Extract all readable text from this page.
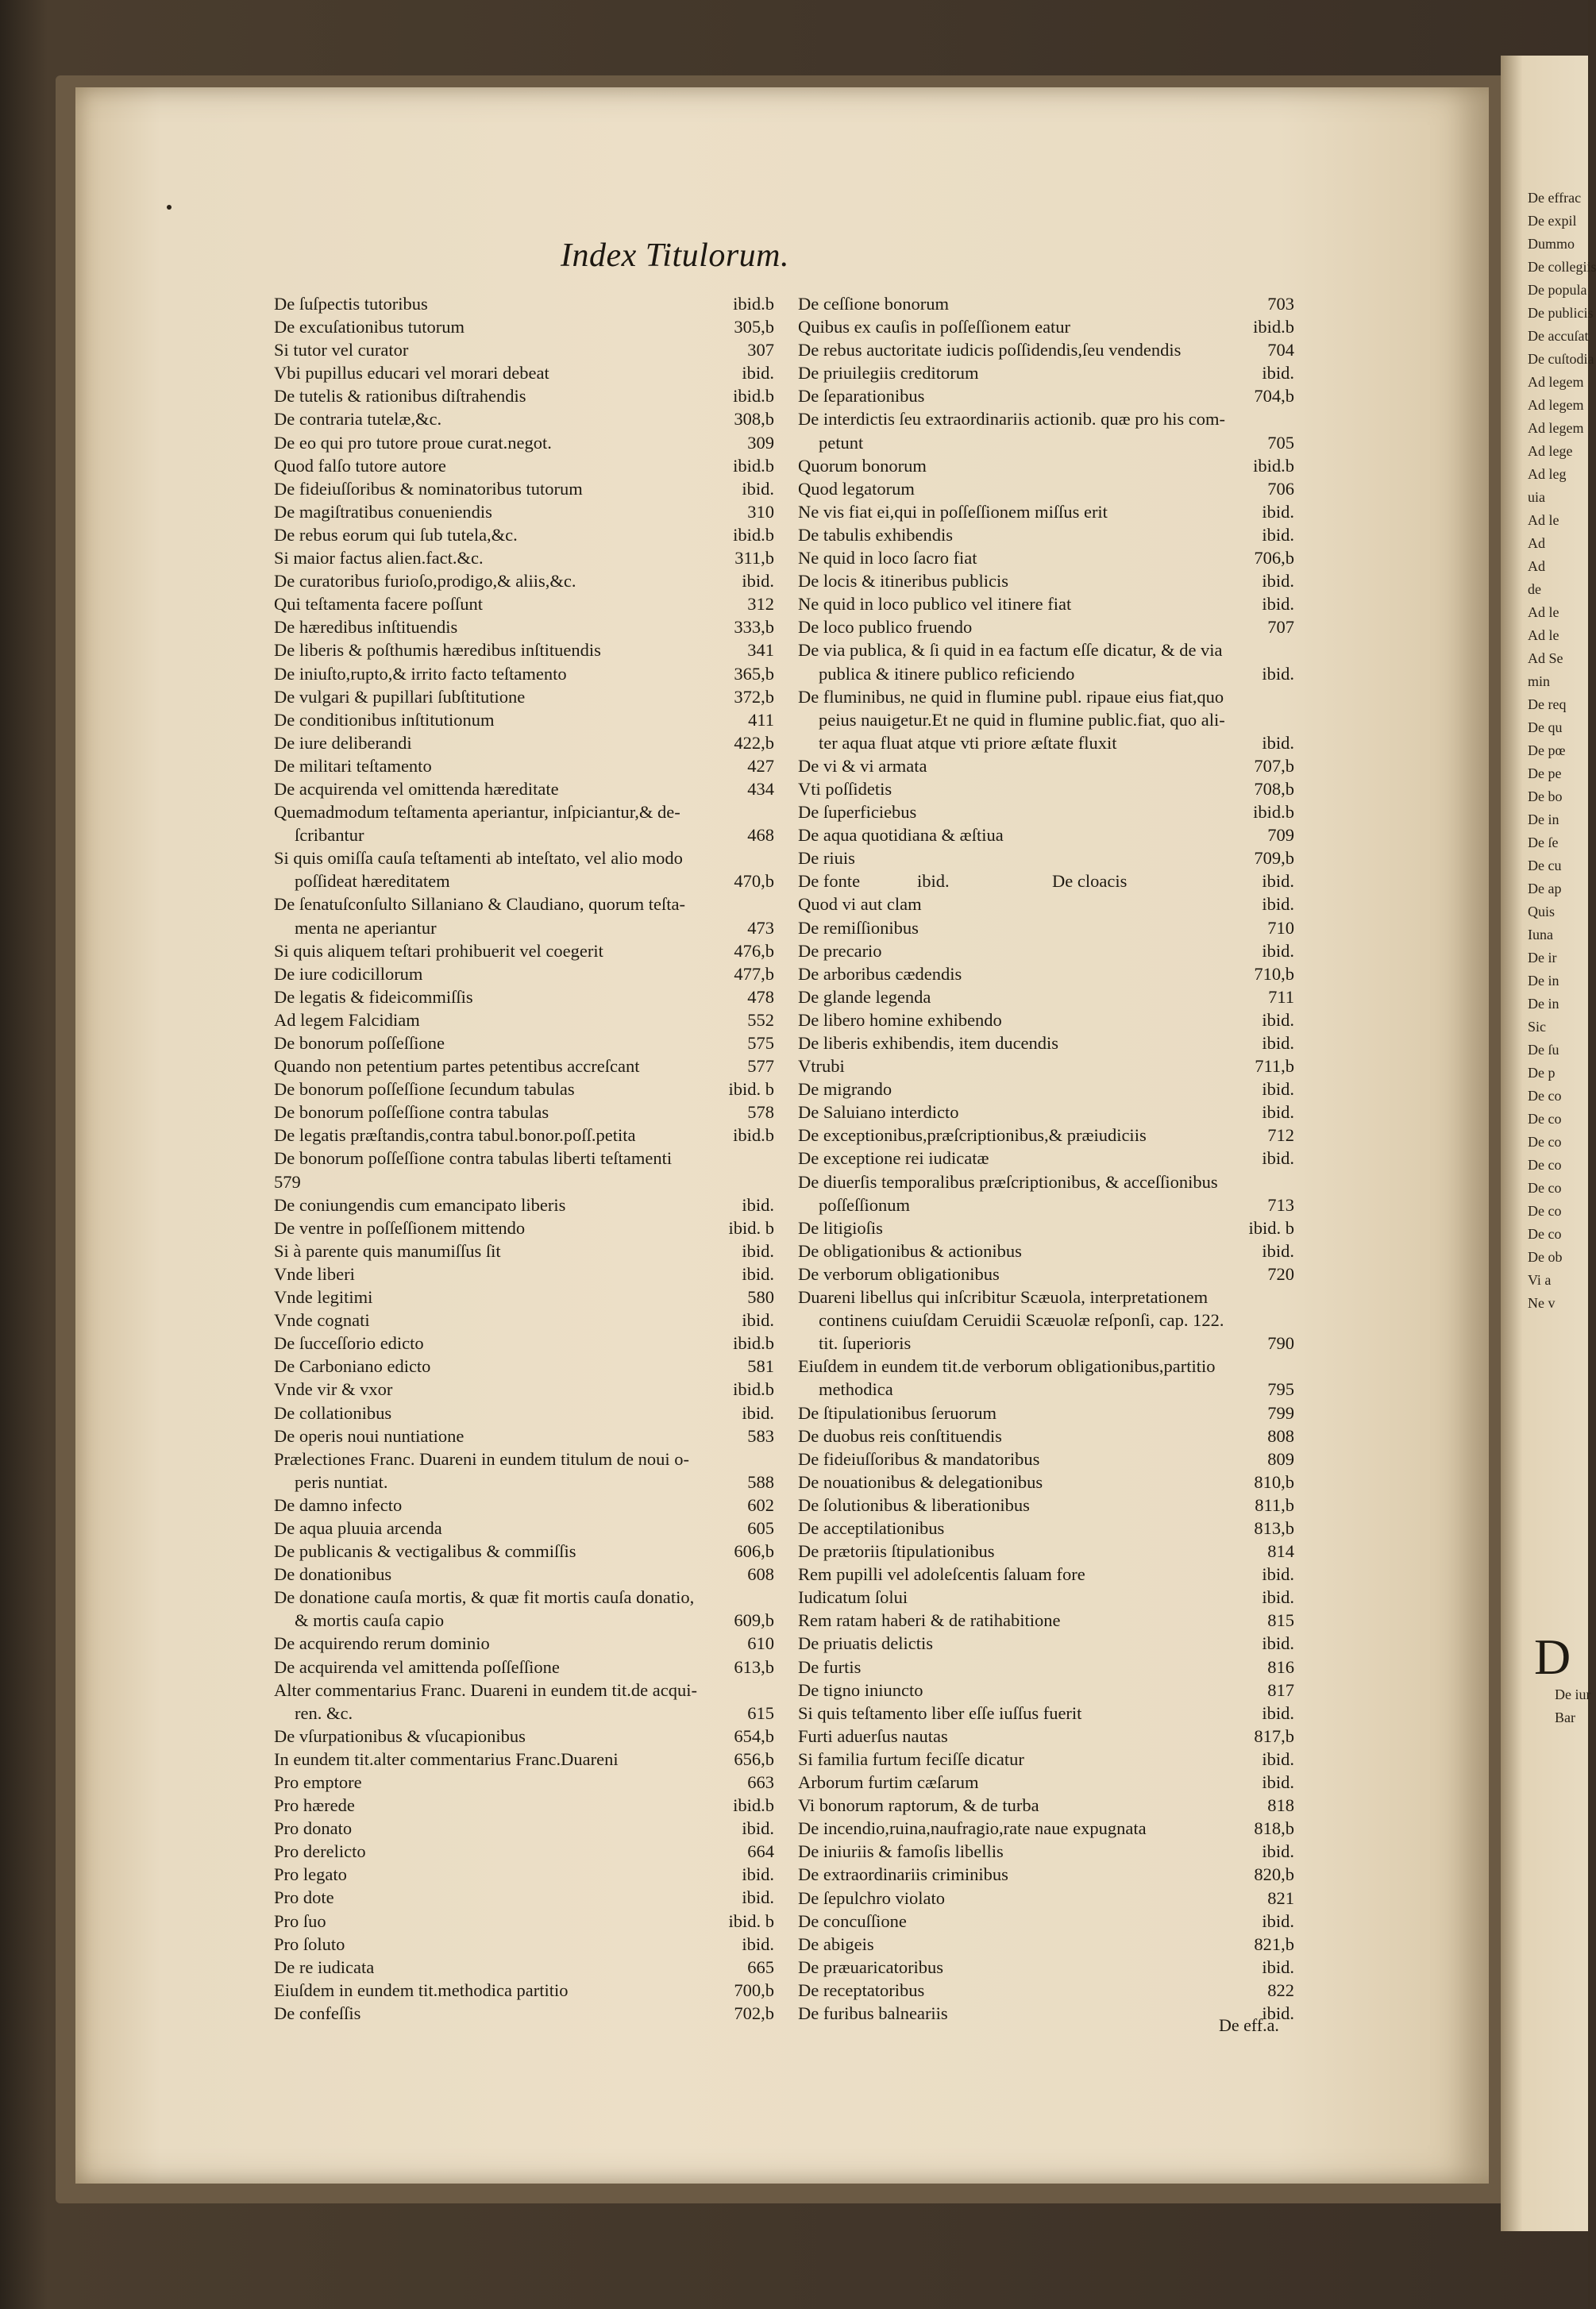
De effrac
De expil
Dummo
De collegiis
De popula
De publicis
De accuſat
De cuſtodia
Ad legem
Ad legem
Ad legem
Ad lege
Ad leg
uia
Ad le
Ad
Ad
de
Ad le
Ad le
Ad Se
min
De req
De qu
De pœ
De pe
De bo
De in
De ſe
De cu
De ap
Quis
Iuna
De ir
De in
De in
Sic
De ſu
De p
De co
De co
De co
De co
De co
De co
De co
De ob
Vi a
Ne v
D
De iur
Bar
Index Titulorum.
De ſuſpectis tutoribus	ibid.b
De excuſationibus tutorum	305,b
Si tutor vel curator	307
Vbi pupillus educari vel morari debeat	ibid.
De tutelis & rationibus diſtrahendis	ibid.b
De contraria tutelæ,&c.	308,b
De eo qui pro tutore proue curat.negot.	309
Quod falſo tutore autore	ibid.b
De fideiuſſoribus & nominatoribus tutorum	ibid.
De magiſtratibus conueniendis	310
De rebus eorum qui ſub tutela,&c.	ibid.b
Si maior factus alien.fact.&c.	311,b
De curatoribus furioſo,prodigo,& aliis,&c.	ibid.
Qui teſtamenta facere poſſunt	312
De hæredibus inſtituendis	333,b
De liberis & poſthumis hæredibus inſtituendis	341
De iniuſto,rupto,& irrito facto teſtamento	365,b
De vulgari & pupillari ſubſtitutione	372,b
De conditionibus inſtitutionum	411
De iure deliberandi	422,b
De militari teſtamento	427
De acquirenda vel omittenda hæreditate	434
Quemadmodum teſtamenta aperiantur, inſpiciantur,& de-
ſcribantur	468
Si quis omiſſa cauſa teſtamenti ab inteſtato, vel alio modo
poſſideat hæreditatem	470,b
De ſenatuſconſulto Sillaniano & Claudiano, quorum teſta-
menta ne aperiantur	473
Si quis aliquem teſtari prohibuerit vel coegerit	476,b
De iure codicillorum	477,b
De legatis & fideicommiſſis	478
Ad legem Falcidiam	552
De bonorum poſſeſſione	575
Quando non petentium partes petentibus accreſcant	577
De bonorum poſſeſſione ſecundum tabulas	ibid. b
De bonorum poſſeſſione contra tabulas	578
De legatis præſtandis,contra tabul.bonor.poſſ.petita	ibid.b
De bonorum poſſeſſione contra tabulas liberti teſtamenti
579
De coniungendis cum emancipato liberis	ibid.
De ventre in poſſeſſionem mittendo	ibid. b
Si à parente quis manumiſſus ſit	ibid.
Vnde liberi	ibid.
Vnde legitimi	580
Vnde cognati	ibid.
De ſucceſſorio edicto	ibid.b
De Carboniano edicto	581
Vnde vir & vxor	ibid.b
De collationibus	ibid.
De operis noui nuntiatione	583
Prælectiones Franc. Duareni in eundem titulum de noui o-
peris nuntiat.	588
De damno infecto	602
De aqua pluuia arcenda	605
De publicanis & vectigalibus & commiſſis	606,b
De donationibus	608
De donatione cauſa mortis, & quæ fit mortis cauſa donatio,
& mortis cauſa capio	609,b
De acquirendo rerum dominio	610
De acquirenda vel amittenda poſſeſſione	613,b
Alter commentarius Franc. Duareni in eundem tit.de acqui-
ren. &c.	615
De vſurpationibus & vſucapionibus	654,b
In eundem tit.alter commentarius Franc.Duareni	656,b
Pro emptore	663
Pro hærede	ibid.b
Pro donato	ibid.
Pro derelicto	664
Pro legato	ibid.
Pro dote	ibid.
Pro ſuo	ibid. b
Pro ſoluto	ibid.
De re iudicata	665
Eiuſdem in eundem tit.methodica partitio	700,b
De confeſſis	702,b
De ceſſione bonorum	703
Quibus ex cauſis in poſſeſſionem eatur	ibid.b
De rebus auctoritate iudicis poſſidendis,ſeu vendendis	704
De priuilegiis creditorum	ibid.
De ſeparationibus	704,b
De interdictis ſeu extraordinariis actionib. quæ pro his com-
petunt	705
Quorum bonorum	ibid.b
Quod legatorum	706
Ne vis fiat ei,qui in poſſeſſionem miſſus erit	ibid.
De tabulis exhibendis	ibid.
Ne quid in loco ſacro fiat	706,b
De locis & itineribus publicis	ibid.
Ne quid in loco publico vel itinere fiat	ibid.
De loco publico fruendo	707
De via publica, & ſi quid in ea factum eſſe dicatur, & de via
publica & itinere publico reficiendo	ibid.
De fluminibus, ne quid in flumine publ. ripaue eius fiat,quo
peius nauigetur.Et ne quid in flumine public.fiat, quo ali-
ter aqua fluat atque vti priore æſtate fluxit	ibid.
De vi & vi armata	707,b
Vti poſſidetis	708,b
De ſuperficiebus	ibid.b
De aqua quotidiana & æſtiua	709
De riuis	709,b
De fonte	ibid.	De cloacis	ibid.
Quod vi aut clam	ibid.
De remiſſionibus	710
De precario	ibid.
De arboribus cædendis	710,b
De glande legenda	711
De libero homine exhibendo	ibid.
De liberis exhibendis, item ducendis	ibid.
Vtrubi	711,b
De migrando	ibid.
De Saluiano interdicto	ibid.
De exceptionibus,præſcriptionibus,& præiudiciis	712
De exceptione rei iudicatæ	ibid.
De diuerſis temporalibus præſcriptionibus, & acceſſionibus
poſſeſſionum	713
De litigioſis	ibid. b
De obligationibus & actionibus	ibid.
De verborum obligationibus	720
Duareni libellus qui inſcribitur Scæuola, interpretationem
continens cuiuſdam Ceruidii Scæuolæ reſponſi, cap. 122.
tit. ſuperioris	790
Eiuſdem in eundem tit.de verborum obligationibus,partitio
methodica	795
De ſtipulationibus ſeruorum	799
De duobus reis conſtituendis	808
De fideiuſſoribus & mandatoribus	809
De nouationibus & delegationibus	810,b
De ſolutionibus & liberationibus	811,b
De acceptilationibus	813,b
De prætoriis ſtipulationibus	814
Rem pupilli vel adoleſcentis ſaluam fore	ibid.
Iudicatum ſolui	ibid.
Rem ratam haberi & de ratihabitione	815
De priuatis delictis	ibid.
De furtis	816
De tigno iniuncto	817
Si quis teſtamento liber eſſe iuſſus fuerit	ibid.
Furti aduerſus nautas	817,b
Si familia furtum feciſſe dicatur	ibid.
Arborum furtim cæſarum	ibid.
Vi bonorum raptorum, & de turba	818
De incendio,ruina,naufragio,rate naue expugnata	818,b
De iniuriis & famoſis libellis	ibid.
De extraordinariis criminibus	820,b
De ſepulchro violato	821
De concuſſione	ibid.
De abigeis	821,b
De præuaricatoribus	ibid.
De receptatoribus	822
De furibus balneariis	ibid.
De eff.a.
